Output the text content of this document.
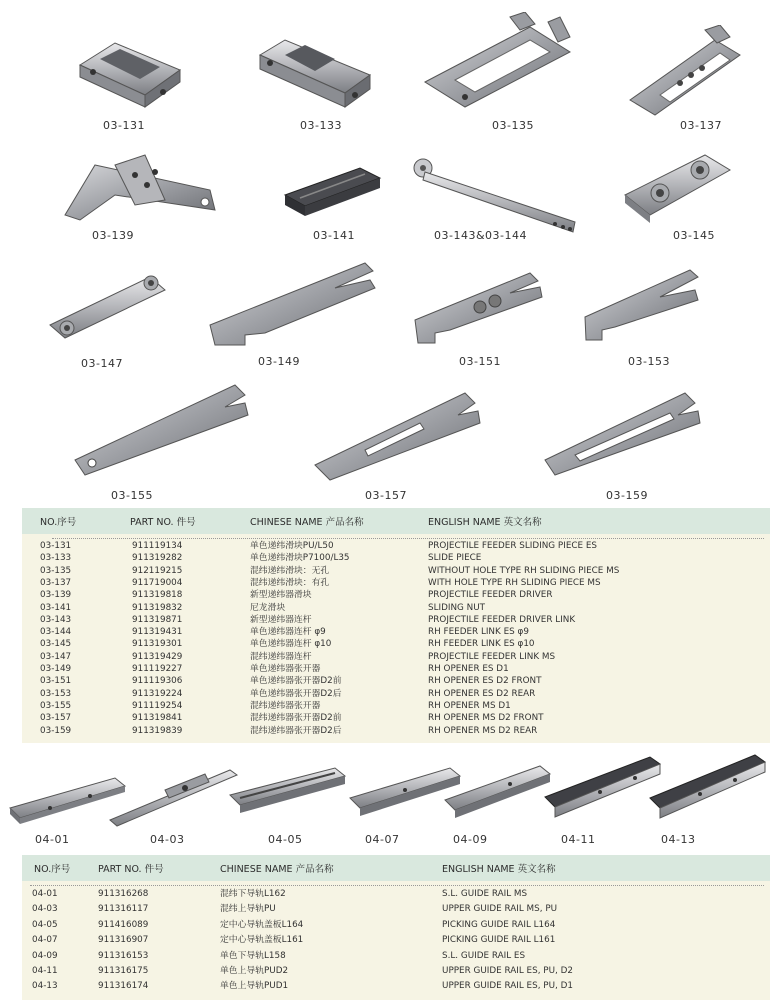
03-131	03-133	03-135	03-137
03-139	03-141	03-143&03-144	03-145
03-147	03-149	03-151	03-153
03-155	03-157	03-159
NO.序号	PART NO. 件号	CHINESE NAME 产品名称	ENGLISH NAME 英文名称
03-131	911119134	单色递纬滑块PU/L50	PROJECTILE FEEDER SLIDING PIECE ES
03-133	911319282	单色递纬滑块P7100/L35	SLIDE PIECE
03-135	912119215	混纬递纬滑块：无孔	WITHOUT HOLE TYPE RH SLIDING PIECE MS
03-137	911719004	混纬递纬滑块：有孔	WITH HOLE TYPE RH SLIDING PIECE MS
03-139	911319818	新型递纬器滑块	PROJECTILE FEEDER DRIVER
03-141	911319832	尼龙滑块	SLIDING NUT
03-143	911319871	新型递纬器连杆	PROJECTILE FEEDER DRIVER LINK
03-144	911319431	单色递纬器连杆 φ9	RH FEEDER LINK ES φ9
03-145	911319301	单色递纬器连杆 φ10	RH FEEDER LINK ES φ10
03-147	911319429	混纬递纬器连杆	PROJECTILE FEEDER LINK MS
03-149	911119227	单色递纬器张开器	RH OPENER ES D1
03-151	911119306	单色递纬器张开器D2前	RH OPENER ES D2 FRONT
03-153	911319224	单色递纬器张开器D2后	RH OPENER ES D2 REAR
03-155	911119254	混纬递纬器张开器	RH OPENER MS D1
03-157	911319841	混纬递纬器张开器D2前	RH OPENER MS D2 FRONT
03-159	911319839	混纬递纬器张开器D2后	RH OPENER MS D2 REAR
04-01	04-03	04-05	04-07	04-09	04-11	04-13
NO.序号	PART NO. 件号	CHINESE NAME 产品名称	ENGLISH NAME 英文名称
04-01	911316268	混纬下导轨L162	S.L. GUIDE RAIL MS
04-03	911316117	混纬上导轨PU	UPPER GUIDE RAIL MS, PU
04-05	911416089	定中心导轨盖板L164	PICKING GUIDE RAIL L164
04-07	911316907	定中心导轨盖板L161	PICKING GUIDE RAIL L161
04-09	911316153	单色下导轨L158	S.L. GUIDE RAIL ES
04-11	911316175	单色上导轨PUD2	UPPER GUIDE RAIL ES, PU, D2
04-13	911316174	单色上导轨PUD1	UPPER GUIDE RAIL ES, PU, D1
